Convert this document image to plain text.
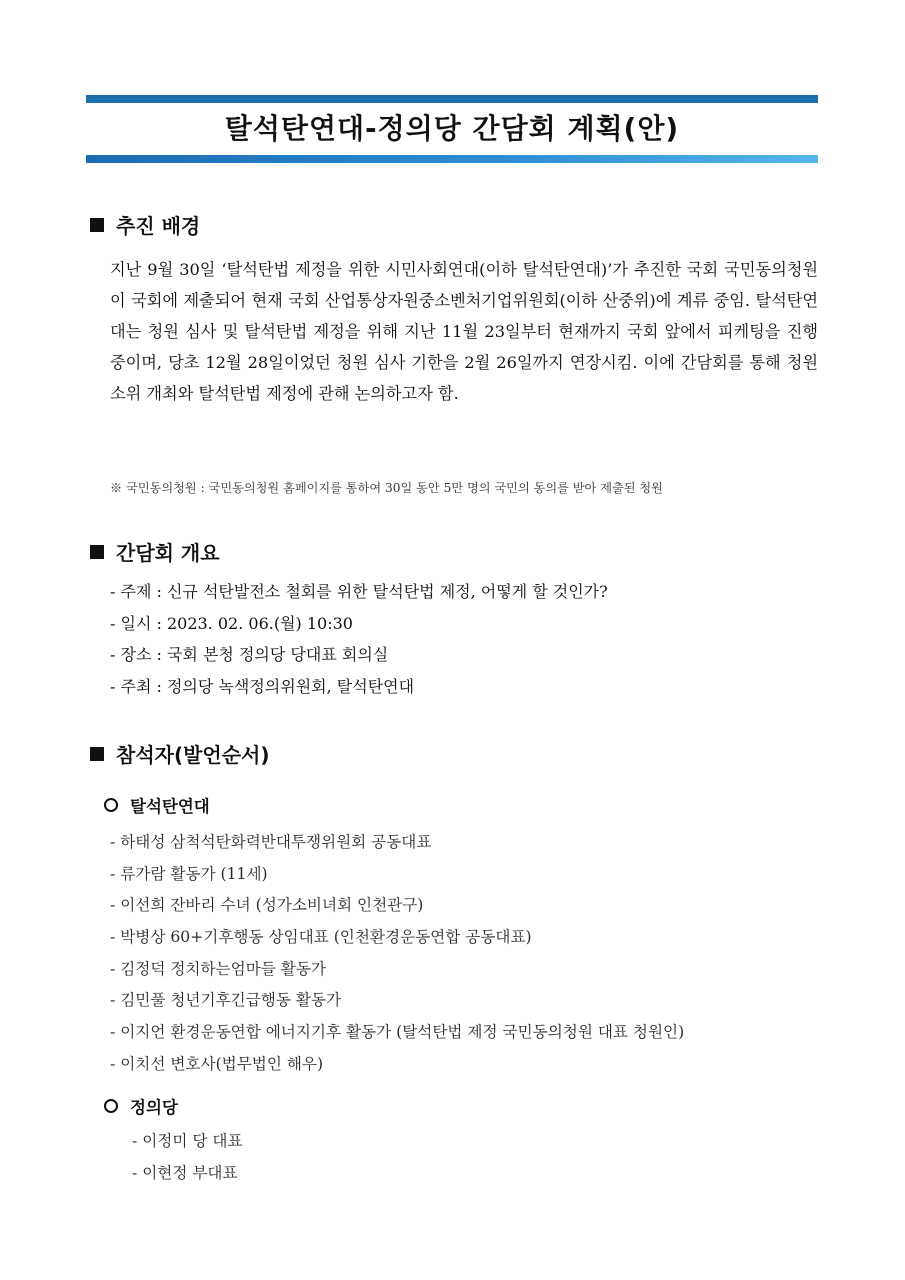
탈석탄연대-정의당 간담회 계획(안)
추진 배경

지난 9월 30일 ‘탈석탄법 제정을 위한 시민사회연대(이하 탈석탄연대)’가 추진한 국회 국민동의청원이 국회에 제출되어 현재 국회 산업통상자원중소벤처기업위원회(이하 산중위)에 계류 중임. 탈석탄연대는 청원 심사 및 탈석탄법 제정을 위해 지난 11월 23일부터 현재까지 국회 앞에서 피케팅을 진행 중이며, 당초 12월 28일이었던 청원 심사 기한을 2월 26일까지 연장시킴. 이에 간담회를 통해 청원 소위 개최와 탈석탄법 제정에 관해 논의하고자 함.

※ 국민동의청원 : 국민동의청원 홈페이지를 통하여 30일 동안 5만 명의 국민의 동의를 받아 제출된 청원
간담회 개요
- 주제 : 신규 석탄발전소 철회를 위한 탈석탄법 제정, 어떻게 할 것인가?
- 일시 : 2023. 02. 06.(월) 10:30
- 장소 : 국회 본청 정의당 당대표 회의실
- 주최 : 정의당 녹색정의위원회, 탈석탄연대
참석자(발언순서)
탈석탄연대
- 하태성 삼척석탄화력반대투쟁위원회 공동대표
- 류가람 활동가 (11세)
- 이선희 잔바리 수녀 (성가소비녀회 인천관구)
- 박병상 60+기후행동 상임대표 (인천환경운동연합 공동대표)
- 김정덕 정치하는엄마들 활동가
- 김민풀 청년기후긴급행동 활동가
- 이지언 환경운동연합 에너지기후 활동가 (탈석탄법 제정 국민동의청원 대표 청원인)
- 이치선 변호사(법무법인 해우)
정의당
- 이정미 당 대표
- 이현정 부대표
